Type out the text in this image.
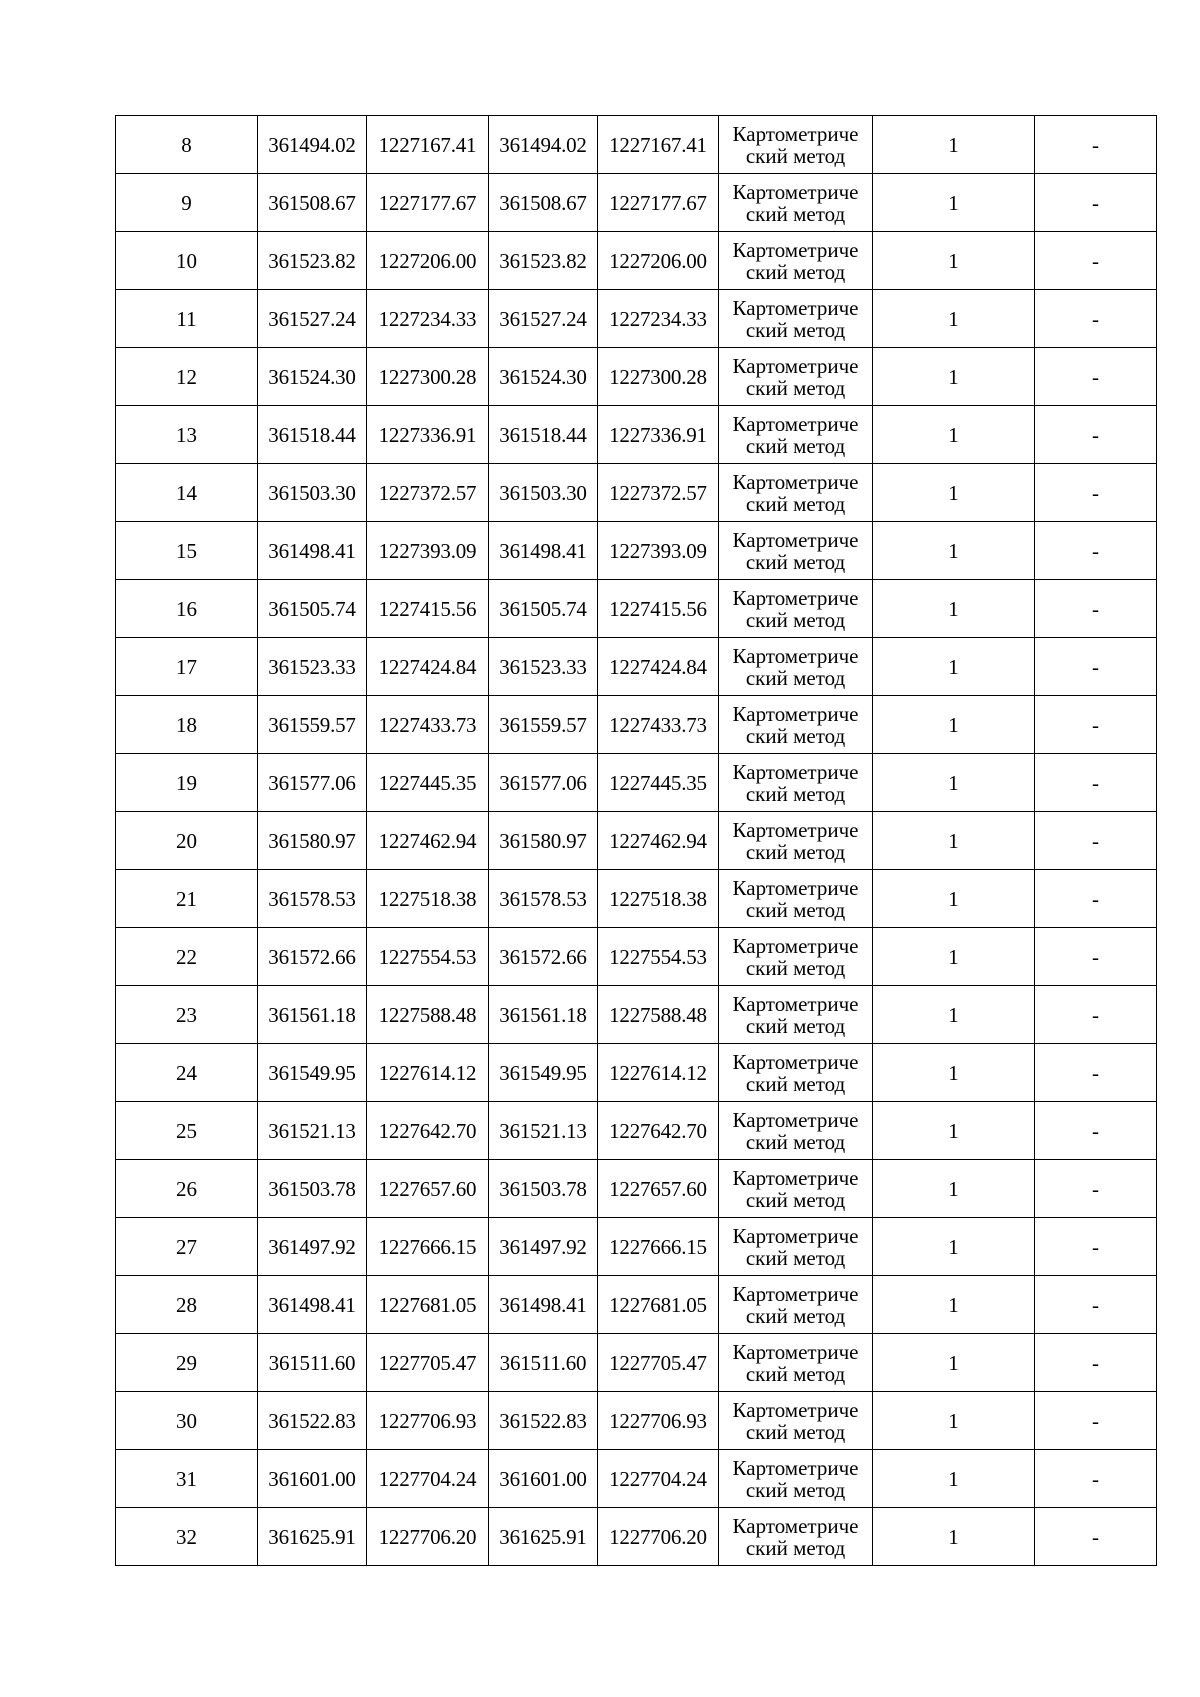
8	361494.02	1227167.41	361494.02	1227167.41	Картометриче
ский метод	1	-
9	361508.67	1227177.67	361508.67	1227177.67	Картометриче
ский метод	1	-
10	361523.82	1227206.00	361523.82	1227206.00	Картометриче
ский метод	1	-
11	361527.24	1227234.33	361527.24	1227234.33	Картометриче
ский метод	1	-
12	361524.30	1227300.28	361524.30	1227300.28	Картометриче
ский метод	1	-
13	361518.44	1227336.91	361518.44	1227336.91	Картометриче
ский метод	1	-
14	361503.30	1227372.57	361503.30	1227372.57	Картометриче
ский метод	1	-
15	361498.41	1227393.09	361498.41	1227393.09	Картометриче
ский метод	1	-
16	361505.74	1227415.56	361505.74	1227415.56	Картометриче
ский метод	1	-
17	361523.33	1227424.84	361523.33	1227424.84	Картометриче
ский метод	1	-
18	361559.57	1227433.73	361559.57	1227433.73	Картометриче
ский метод	1	-
19	361577.06	1227445.35	361577.06	1227445.35	Картометриче
ский метод	1	-
20	361580.97	1227462.94	361580.97	1227462.94	Картометриче
ский метод	1	-
21	361578.53	1227518.38	361578.53	1227518.38	Картометриче
ский метод	1	-
22	361572.66	1227554.53	361572.66	1227554.53	Картометриче
ский метод	1	-
23	361561.18	1227588.48	361561.18	1227588.48	Картометриче
ский метод	1	-
24	361549.95	1227614.12	361549.95	1227614.12	Картометриче
ский метод	1	-
25	361521.13	1227642.70	361521.13	1227642.70	Картометриче
ский метод	1	-
26	361503.78	1227657.60	361503.78	1227657.60	Картометриче
ский метод	1	-
27	361497.92	1227666.15	361497.92	1227666.15	Картометриче
ский метод	1	-
28	361498.41	1227681.05	361498.41	1227681.05	Картометриче
ский метод	1	-
29	361511.60	1227705.47	361511.60	1227705.47	Картометриче
ский метод	1	-
30	361522.83	1227706.93	361522.83	1227706.93	Картометриче
ский метод	1	-
31	361601.00	1227704.24	361601.00	1227704.24	Картометриче
ский метод	1	-
32	361625.91	1227706.20	361625.91	1227706.20	Картометриче
ский метод	1	-
